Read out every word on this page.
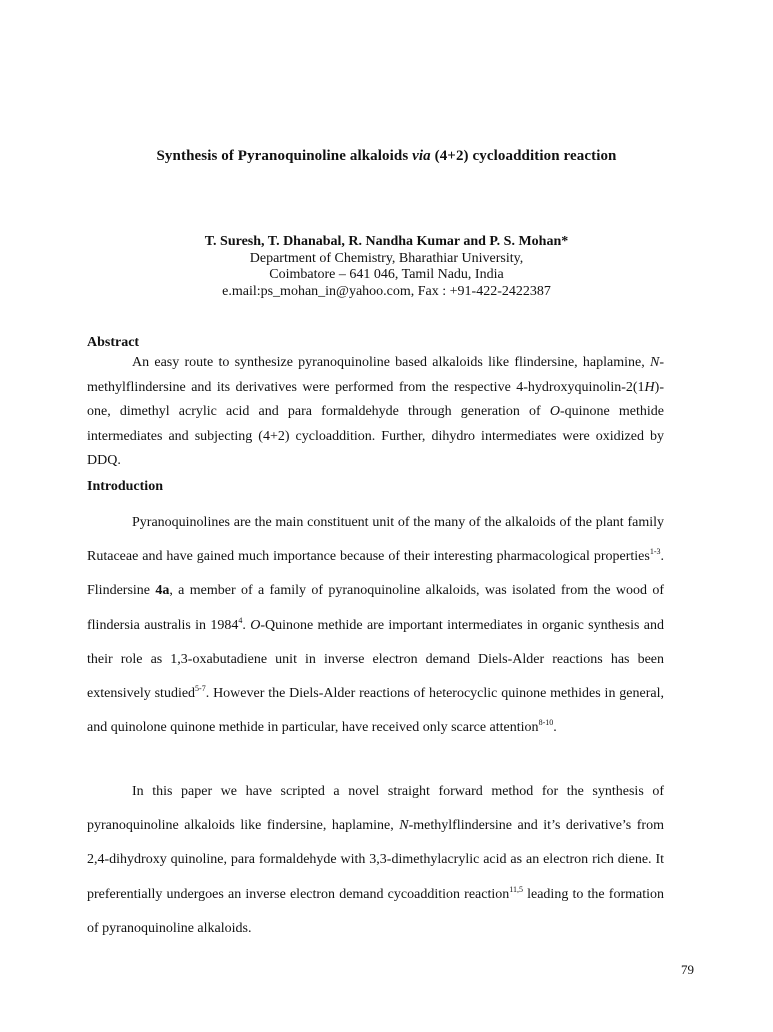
Synthesis of Pyranoquinoline alkaloids via (4+2) cycloaddition reaction
T. Suresh, T. Dhanabal, R. Nandha Kumar and P. S. Mohan*
Department of Chemistry, Bharathiar University,
Coimbatore – 641 046, Tamil Nadu, India
e.mail:ps_mohan_in@yahoo.com, Fax : +91-422-2422387
Abstract
An easy route to synthesize pyranoquinoline based alkaloids like flindersine, haplamine, N-methylflindersine and its derivatives were performed from the respective 4-hydroxyquinolin-2(1H)-one, dimethyl acrylic acid and para formaldehyde through generation of O-quinone methide intermediates and subjecting (4+2) cycloaddition. Further, dihydro intermediates were oxidized by DDQ.
Introduction

Pyranoquinolines are the main constituent unit of the many of the alkaloids of the plant family Rutaceae and have gained much importance because of their interesting pharmacological properties$^{1-3}$. Flindersine 4a, a member of a family of pyranoquinoline alkaloids, was isolated from the wood of flindersia australis in 1984$^4$. O-Quinone methide are important intermediates in organic synthesis and their role as 1,3-oxabutadiene unit in inverse electron demand Diels-Alder reactions has been extensively studied$^{5-7}$. However the Diels-Alder reactions of heterocyclic quinone methides in general, and quinolone quinone methide in particular, have received only scarce attention$^{8-10}$.

In this paper we have scripted a novel straight forward method for the synthesis of pyranoquinoline alkaloids like findersine, haplamine, N-methylflindersine and it’s derivative’s from 2,4-dihydroxy quinoline, para formaldehyde with 3,3-dimethylacrylic acid as an electron rich diene. It preferentially undergoes an inverse electron demand cycoaddition reaction$^{11,5}$ leading to the formation of pyranoquinoline alkaloids.

79
